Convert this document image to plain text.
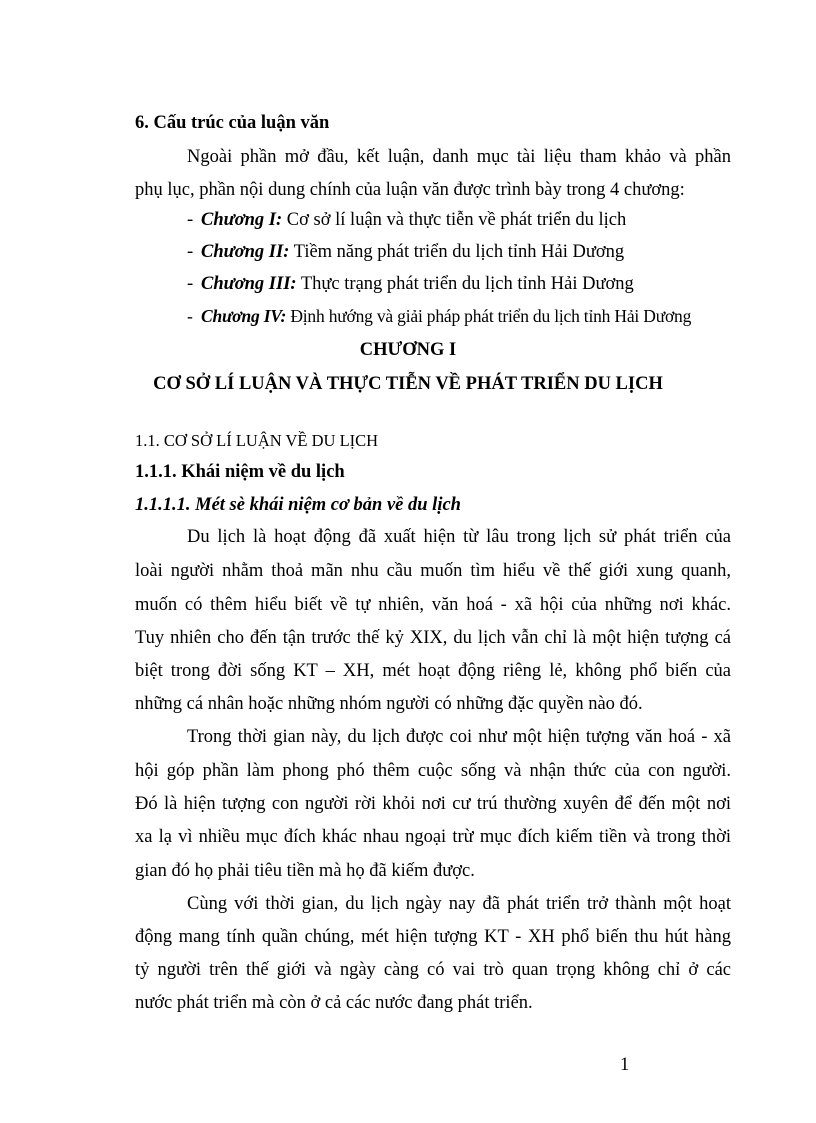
6. Cấu trúc của luận văn
Ngoài phần mở đầu, kết luận, danh mục tài liệu tham khảo và phần
phụ lục, phần nội dung chính của luận văn được trình bày trong 4 chương:
- Chương I: Cơ sở lí luận và thực tiễn về phát triển du lịch
- Chương II: Tiềm năng phát triển du lịch tỉnh Hải Dương
- Chương III: Thực trạng phát triển du lịch tỉnh Hải Dương
- Chương IV: Định hướng và giải pháp phát triển du lịch tỉnh Hải Dương
CHƯƠNG I
CƠ SỞ LÍ LUẬN VÀ THỰC TIỄN VỀ PHÁT TRIỂN DU LỊCH
1.1. CƠ SỞ LÍ LUẬN VỀ DU LỊCH
1.1.1. Khái niệm về du lịch
1.1.1.1. Mét sè khái niệm cơ bản về du lịch
Du lịch là hoạt động đã xuất hiện từ lâu trong lịch sử phát triển của
loài người nhằm thoả mãn nhu cầu muốn tìm hiểu về thế giới xung quanh,
muốn có thêm hiểu biết về tự nhiên, văn hoá - xã hội của những nơi khác.
Tuy nhiên cho đến tận trước thế kỷ XIX, du lịch vẫn chỉ là một hiện tượng cá
biệt trong đời sống KT – XH, mét hoạt động riêng lẻ, không phổ biến của
những cá nhân hoặc những nhóm người có những đặc quyền nào đó.
Trong thời gian này, du lịch được coi như một hiện tượng văn hoá - xã
hội góp phần làm phong phó thêm cuộc sống và nhận thức của con người.
Đó là hiện tượng con người rời khỏi nơi cư trú thường xuyên để đến một nơi
xa lạ vì nhiều mục đích khác nhau ngoại trừ mục đích kiếm tiền và trong thời
gian đó họ phải tiêu tiền mà họ đã kiếm được.
Cùng với thời gian, du lịch ngày nay đã phát triển trở thành một hoạt
động mang tính quần chúng, mét hiện tượng KT - XH phổ biến thu hút hàng
tỷ người trên thế giới và ngày càng có vai trò quan trọng không chỉ ở các
nước phát triển mà còn ở cả các nước đang phát triển.
1
